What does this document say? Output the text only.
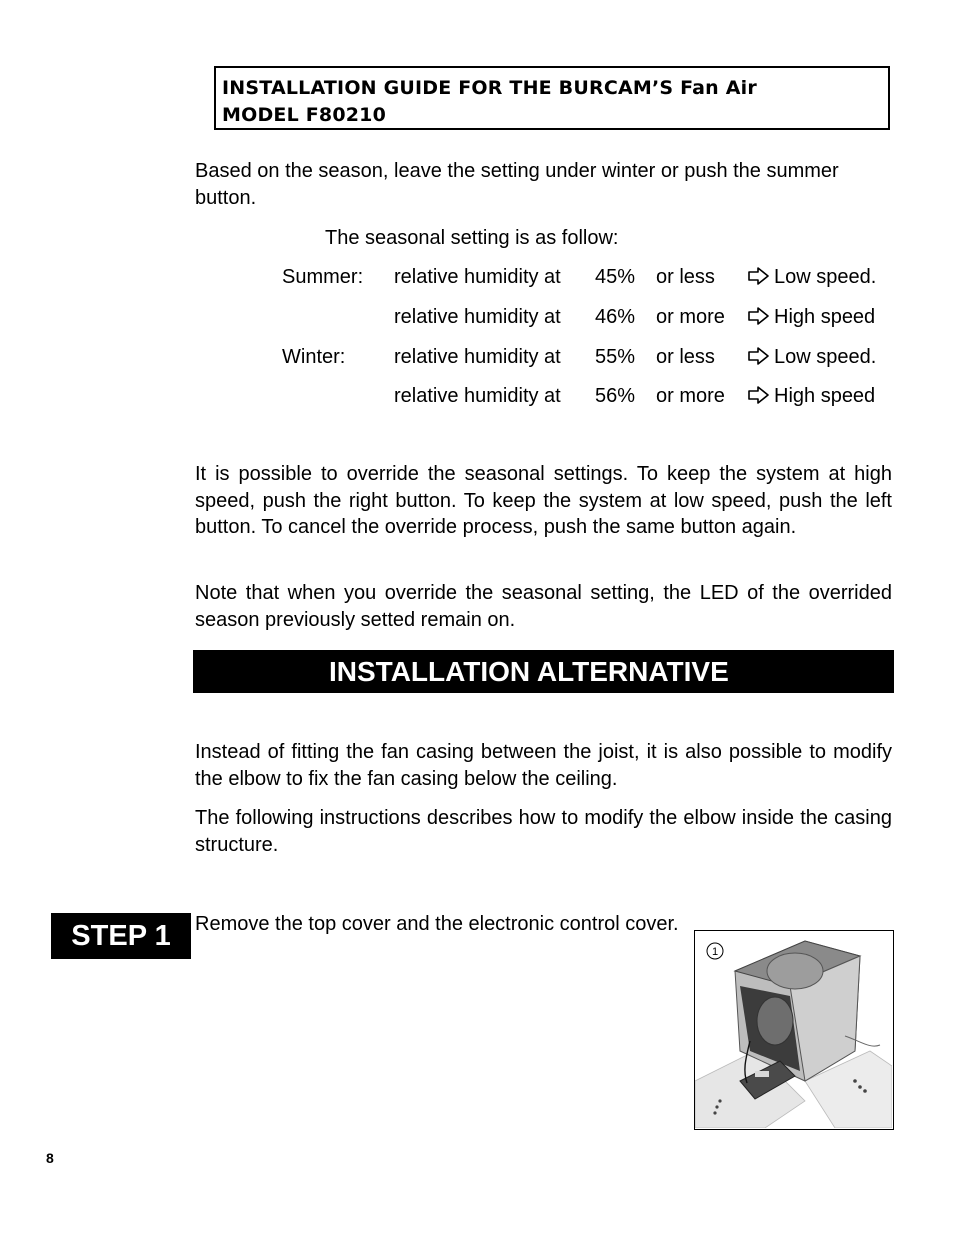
INSTALLATION GUIDE FOR THE BURCAM’S Fan Air
MODEL F80210
Based on the season, leave the setting under winter or push the summer button.
The seasonal setting is as follow:
Summer: relative humidity at 45% or less	Low speed.
relative humidity at 46% or more	High speed
Winter: relative humidity at 55% or less	Low speed.
relative humidity at 56% or more	High speed
It is possible to override the seasonal settings. To keep the system at high speed, push the right button. To keep the system at low speed, push the left button. To cancel the override process, push the same button again.
Note that when you override the seasonal setting, the LED of the overrided season previously setted remain on.
INSTALLATION ALTERNATIVE
Instead of fitting the fan casing between the joist, it is also possible to modify the elbow to fix the fan casing below the ceiling.
The following instructions describes how to modify the elbow inside the casing structure.
STEP 1	Remove the top cover and the electronic control cover.
1
8
